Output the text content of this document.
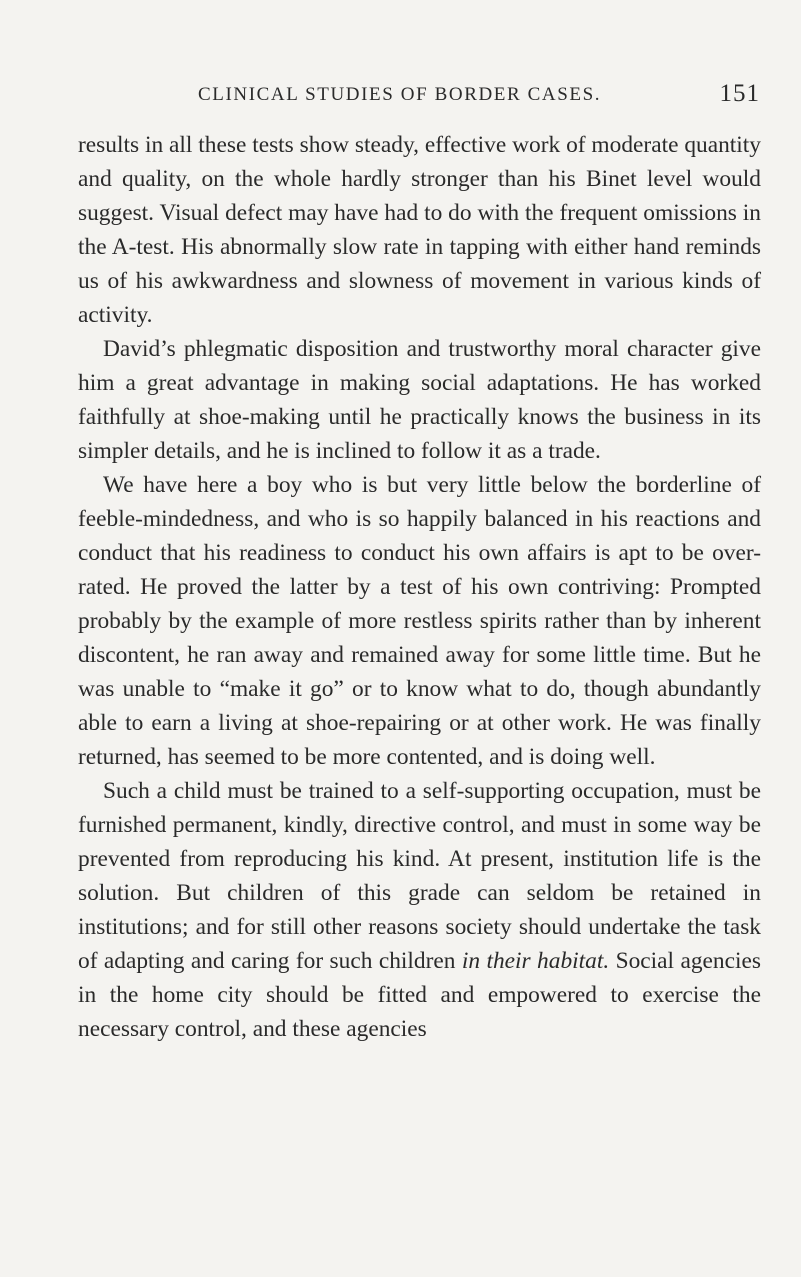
CLINICAL STUDIES OF BORDER CASES.	151

results in all these tests show steady, effective work of moderate quantity and quality, on the whole hardly stronger than his Binet level would suggest. Visual defect may have had to do with the frequent omissions in the A-test. His abnormally slow rate in tapping with either hand reminds us of his awkwardness and slowness of movement in various kinds of activity.

David’s phlegmatic disposition and trustworthy moral character give him a great advantage in making social adaptations. He has worked faithfully at shoe-making until he practically knows the business in its simpler details, and he is inclined to follow it as a trade.

We have here a boy who is but very little below the borderline of feeble-mindedness, and who is so happily balanced in his reactions and conduct that his readiness to conduct his own affairs is apt to be over-rated. He proved the latter by a test of his own contriving: Prompted probably by the example of more restless spirits rather than by inherent discontent, he ran away and remained away for some little time. But he was unable to “make it go” or to know what to do, though abundantly able to earn a living at shoe-repairing or at other work. He was finally returned, has seemed to be more contented, and is doing well.

Such a child must be trained to a self-supporting occupation, must be furnished permanent, kindly, directive control, and must in some way be prevented from reproducing his kind. At present, institution life is the solution. But children of this grade can seldom be retained in institutions; and for still other reasons society should undertake the task of adapting and caring for such children in their habitat. Social agencies in the home city should be fitted and empowered to exercise the necessary control, and these agencies
